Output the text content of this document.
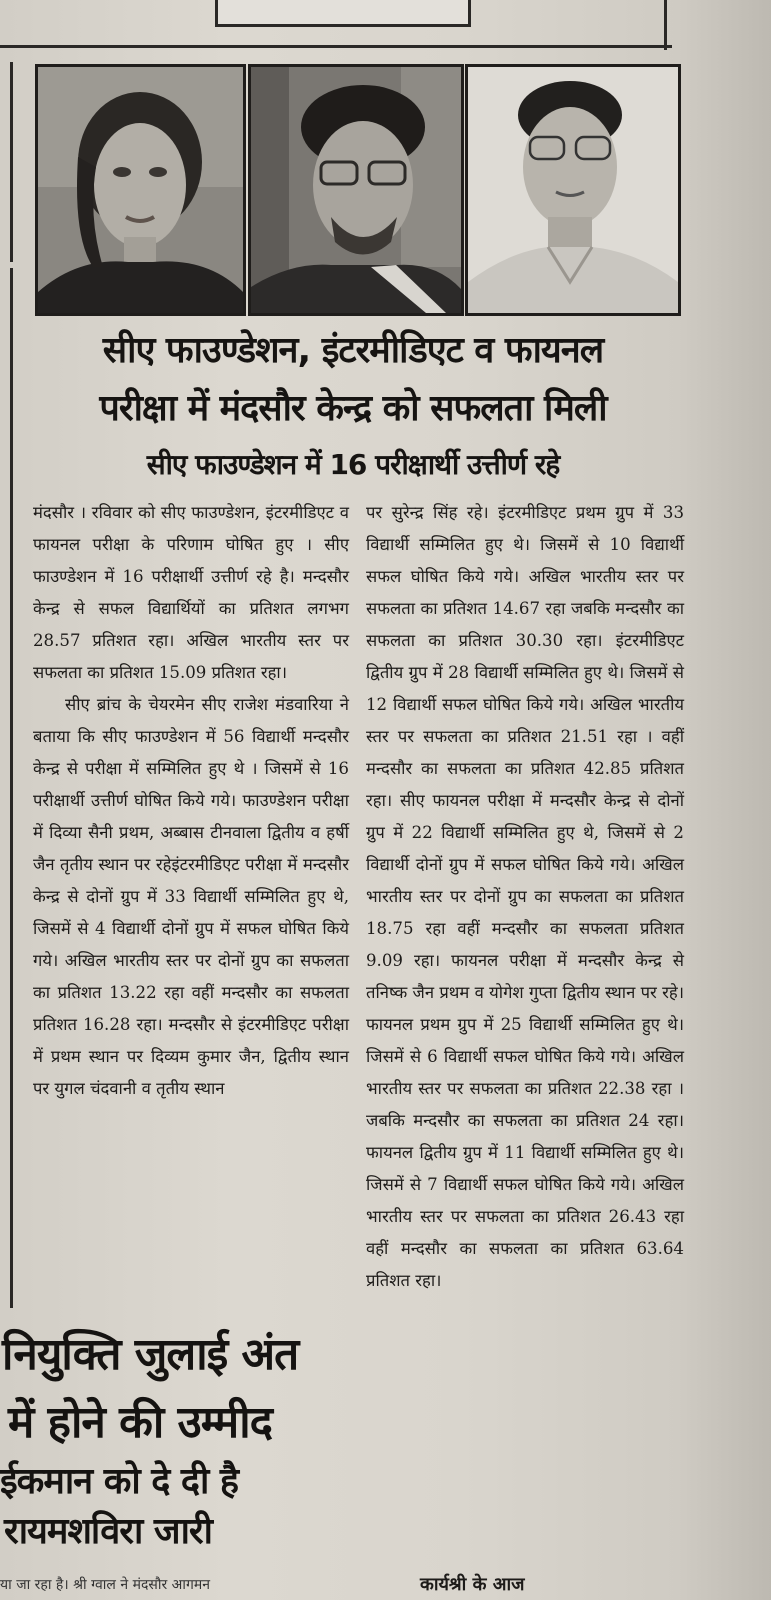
सीए फाउण्डेशन, इंटरमीडिएट व फायनल
परीक्षा में मंदसौर केन्द्र को सफलता मिली
सीए फाउण्डेशन में 16 परीक्षार्थी उत्तीर्ण रहे

मंदसौर । रविवार को सीए फाउण्डेशन, इंटरमीडिएट व फायनल परीक्षा के परिणाम घोषित हुए । सीए फाउण्डेशन में 16 परीक्षार्थी उत्तीर्ण रहे है। मन्दसौर केन्द्र से सफल विद्यार्थियों का प्रतिशत लगभग 28.57 प्रतिशत रहा। अखिल भारतीय स्तर पर सफलता का प्रतिशत 15.09 प्रतिशत रहा।

सीए ब्रांच के चेयरमेन सीए राजेश मंडवारिया ने बताया कि सीए फाउण्डेशन में 56 विद्यार्थी मन्दसौर केन्द्र से परीक्षा में सम्मिलित हुए थे । जिसमें से 16 परीक्षार्थी उत्तीर्ण घोषित किये गये। फाउण्डेशन परीक्षा में दिव्या सैनी प्रथम, अब्बास टीनवाला द्वितीय व हर्षी जैन तृतीय स्थान पर रहेइंटरमीडिएट परीक्षा में मन्दसौर केन्द्र से दोनों ग्रुप में 33 विद्यार्थी सम्मिलित हुए थे, जिसमें से 4 विद्यार्थी दोनों ग्रुप में सफल घोषित किये गये। अखिल भारतीय स्तर पर दोनों ग्रुप का सफलता का प्रतिशत 13.22 रहा वहीं मन्दसौर का सफलता प्रतिशत 16.28 रहा। मन्दसौर से इंटरमीडिएट परीक्षा में प्रथम स्थान पर दिव्यम कुमार जैन, द्वितीय स्थान पर युगल चंदवानी व तृतीय स्थान

पर सुरेन्द्र सिंह रहे। इंटरमीडिएट प्रथम ग्रुप में 33 विद्यार्थी सम्मिलित हुए थे। जिसमें से 10 विद्यार्थी सफल घोषित किये गये। अखिल भारतीय स्तर पर सफलता का प्रतिशत 14.67 रहा जबकि मन्दसौर का सफलता का प्रतिशत 30.30 रहा। इंटरमीडिएट द्वितीय ग्रुप में 28 विद्यार्थी सम्मिलित हुए थे। जिसमें से 12 विद्यार्थी सफल घोषित किये गये। अखिल भारतीय स्तर पर सफलता का प्रतिशत 21.51 रहा । वहीं मन्दसौर का सफलता का प्रतिशत 42.85 प्रतिशत रहा। सीए फायनल परीक्षा में मन्दसौर केन्द्र से दोनों ग्रुप में 22 विद्यार्थी सम्मिलित हुए थे, जिसमें से 2 विद्यार्थी दोनों ग्रुप में सफल घोषित किये गये। अखिल भारतीय स्तर पर दोनों ग्रुप का सफलता का प्रतिशत 18.75 रहा वहीं मन्दसौर का सफलता प्रतिशत 9.09 रहा। फायनल परीक्षा में मन्दसौर केन्द्र से तनिष्क जैन प्रथम व योगेश गुप्ता द्वितीय स्थान पर रहे। फायनल प्रथम ग्रुप में 25 विद्यार्थी सम्मिलित हुए थे। जिसमें से 6 विद्यार्थी सफल घोषित किये गये। अखिल भारतीय स्तर पर सफलता का प्रतिशत 22.38 रहा । जबकि मन्दसौर का सफलता का प्रतिशत 24 रहा। फायनल द्वितीय ग्रुप में 11 विद्यार्थी सम्मिलित हुए थे। जिसमें से 7 विद्यार्थी सफल घोषित किये गये। अखिल भारतीय स्तर पर सफलता का प्रतिशत 26.43 रहा वहीं मन्दसौर का सफलता का प्रतिशत 63.64 प्रतिशत रहा।

नियुक्ति जुलाई अंत
में होने की उम्मीद
ईकमान को दे दी है
रायमशविरा जारी
या जा रहा है। श्री ग्वाल ने मंदसौर आगमन	कार्यश्री के आज
